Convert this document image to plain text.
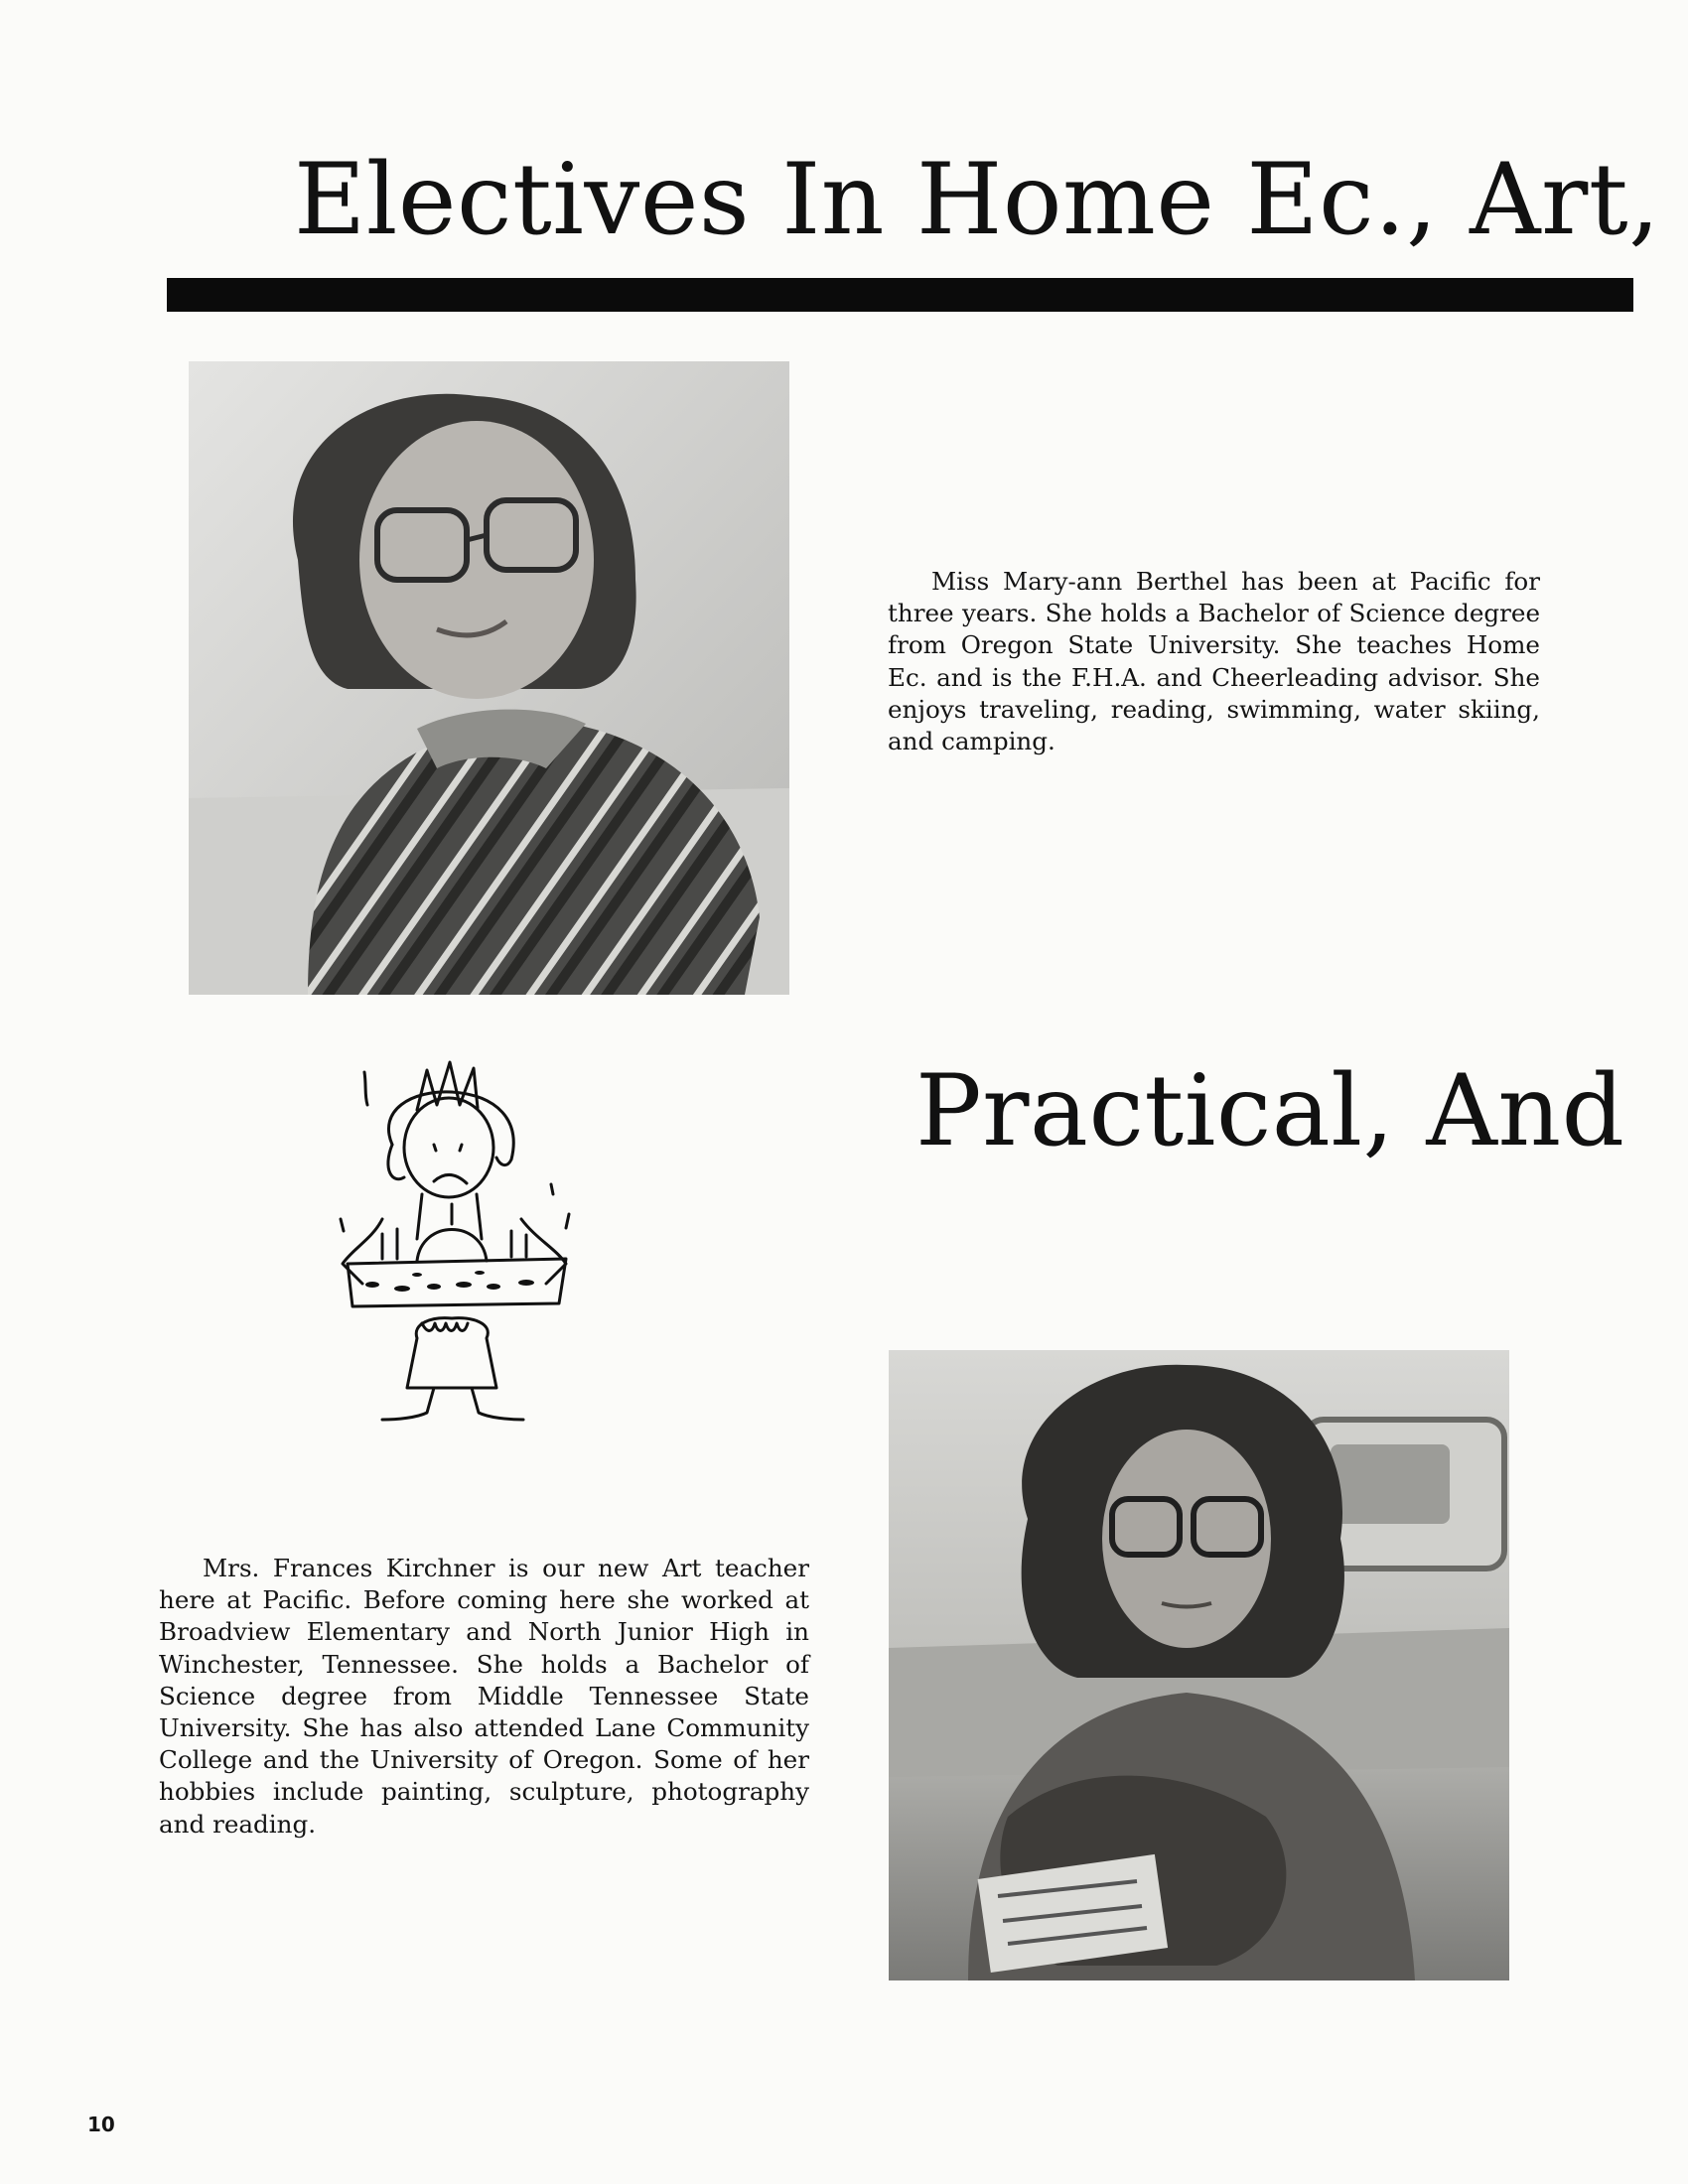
Electives In Home Ec., Art,

Miss Mary-ann Berthel has been at Pacific for three years. She holds a Bachelor of Science degree from Oregon State University. She teaches Home Ec. and is the F.H.A. and Cheerleading advisor. She enjoys traveling, reading, swimming, water skiing, and camping.

Practical, And

Mrs. Frances Kirchner is our new Art teacher here at Pacific. Before coming here she worked at Broadview Elementary and North Junior High in Winchester, Tennessee. She holds a Bachelor of Science degree from Middle Tennessee State University. She has also attended Lane Community College and the University of Oregon. Some of her hobbies include painting, sculpture, photography and reading.

10
